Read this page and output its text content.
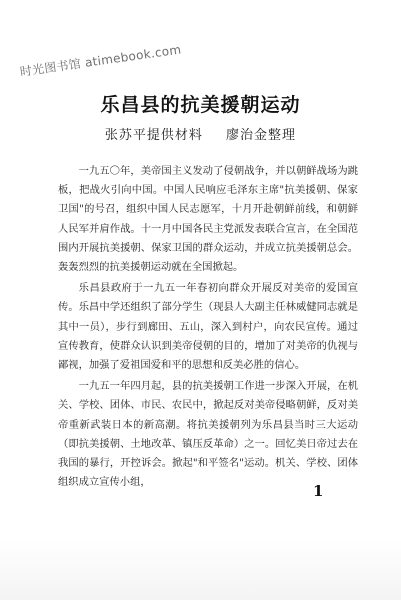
时光图书馆 atimebook.com
乐昌县的抗美援朝运动
张苏平提供材料 廖治金整理

一九五〇年，美帝国主义发动了侵朝战争，并以朝鲜战场为跳板，把战火引向中国。中国人民响应毛泽东主席"抗美援朝、保家卫国"的号召，组织中国人民志愿军，十月开赴朝鲜前线，和朝鲜人民军并肩作战。十一月中国各民主党派发表联合宣言，在全国范围内开展抗美援朝、保家卫国的群众运动，并成立抗美援朝总会。轰轰烈烈的抗美援朝运动就在全国掀起。

乐昌县政府于一九五一年春初向群众开展反对美帝的爱国宣传。乐昌中学还组织了部分学生（现县人大副主任林威健同志就是其中一员），步行到廊田、五山，深入到村户，向农民宣传。通过宣传教育，使群众认识到美帝侵朝的目的，增加了对美帝的仇视与鄙视，加强了爱祖国爱和平的思想和反美必胜的信心。

一九五一年四月起，县的抗美援朝工作进一步深入开展，在机关、学校、团体、市民、农民中，掀起反对美帝侵略朝鲜，反对美帝重新武装日本的新高潮。将抗美援朝列为乐昌县当时三大运动（即抗美援朝、土地改革、镇压反革命）之一。回忆美日帝过去在我国的暴行，开控诉会。掀起"和平签名"运动。机关、学校、团体组织成立宣传小组，	1
